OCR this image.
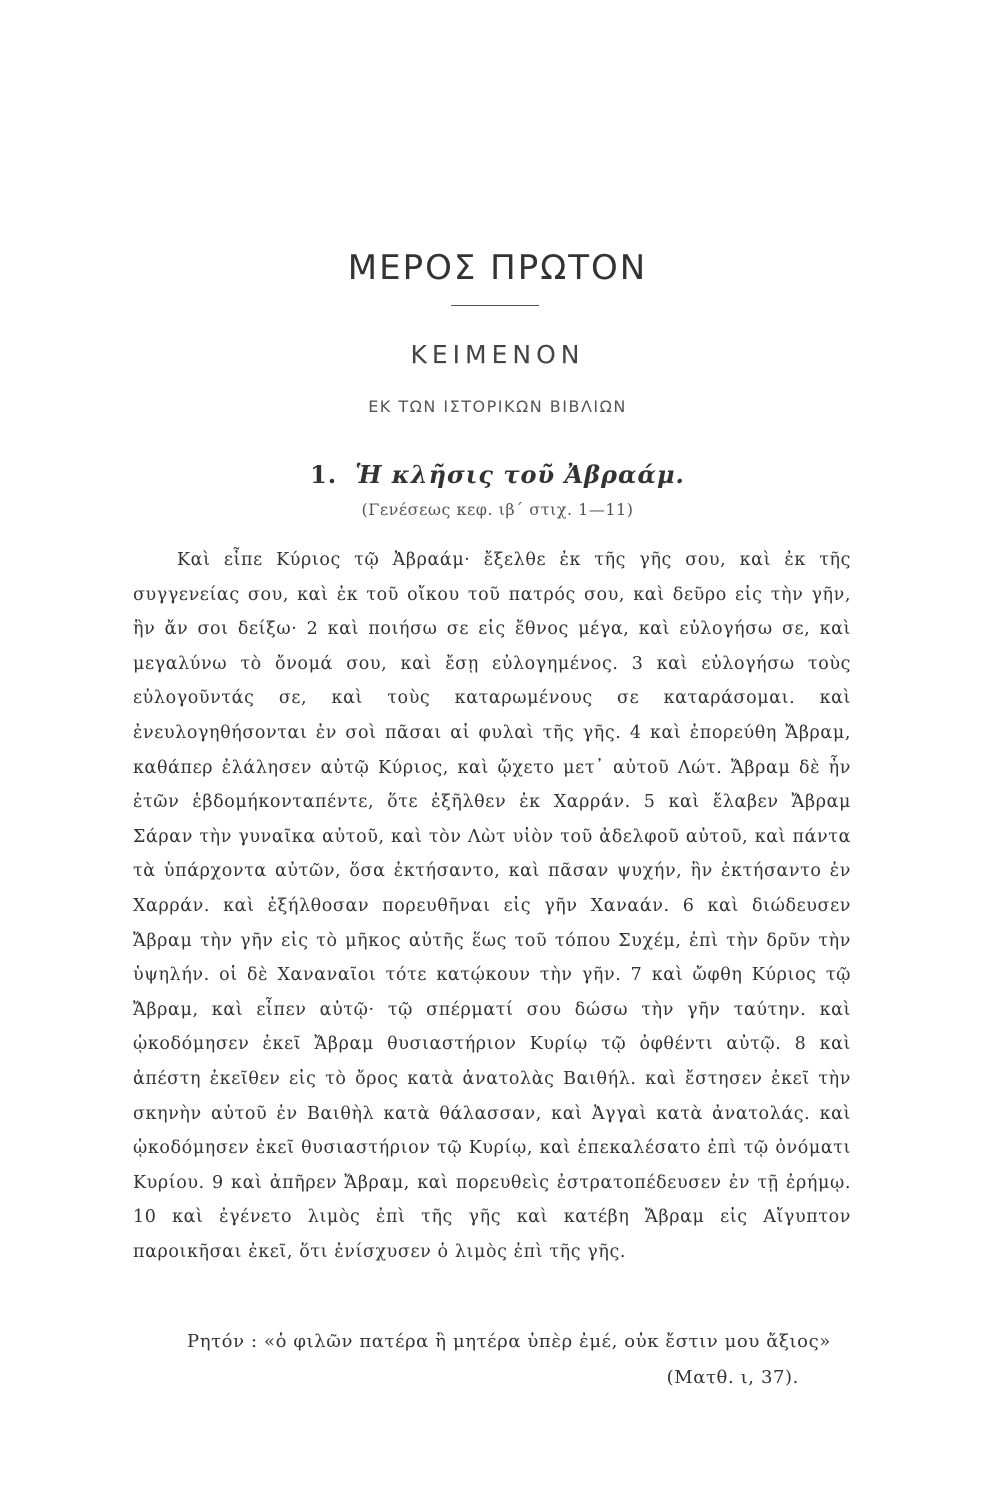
ΜΕΡΟΣ ΠΡΩΤΟΝ
ΚΕΙΜΕΝΟΝ
ΕΚ ΤΩΝ ΙΣΤΟΡΙΚΩΝ ΒΙΒΛΙΩΝ
1. Ἡ κλῆσις τοῦ Ἀβραάμ.
(Γενέσεως κεφ. ιβ΄ στιχ. 1—11)

Καὶ εἶπε Κύριος τῷ Ἀβραάμ· ἔξελθε ἐκ τῆς γῆς σου, καὶ ἐκ τῆς συγγενείας σου, καὶ ἐκ τοῦ οἴκου τοῦ πατρός σου, καὶ δεῦρο εἰς τὴν γῆν, ἣν ἄν σοι δείξω· 2 καὶ ποιήσω σε εἰς ἔθνος μέγα, καὶ εὐλογήσω σε, καὶ μεγαλύνω τὸ ὄνομά σου, καὶ ἔσῃ εὐλογημένος. 3 καὶ εὐλογήσω τοὺς εὐλογοῦντάς σε, καὶ τοὺς καταρωμένους σε καταράσομαι. καὶ ἐνευλογηθήσονται ἐν σοὶ πᾶσαι αἱ φυλαὶ τῆς γῆς. 4 καὶ ἐπορεύθη Ἄβραμ, καθάπερ ἐλάλησεν αὐτῷ Κύριος, καὶ ᾤχετο μετ᾿ αὐτοῦ Λώτ. Ἄβραμ δὲ ἦν ἐτῶν ἑβδομήκονταπέντε, ὅτε ἐξῆλθεν ἐκ Χαρράν. 5 καὶ ἔλαβεν Ἄβραμ Σάραν τὴν γυναῖκα αὐτοῦ, καὶ τὸν Λὼτ υἱὸν τοῦ ἀδελφοῦ αὐτοῦ, καὶ πάντα τὰ ὑπάρχοντα αὐτῶν, ὅσα ἐκτήσαντο, καὶ πᾶσαν ψυχήν, ἣν ἐκτήσαντο ἐν Χαρράν. καὶ ἐξήλθοσαν πορευθῆναι εἰς γῆν Χαναάν. 6 καὶ διώδευσεν Ἄβραμ τὴν γῆν εἰς τὸ μῆκος αὐτῆς ἕως τοῦ τόπου Συχέμ, ἐπὶ τὴν δρῦν τὴν ὑψηλήν. οἱ δὲ Χαναναῖοι τότε κατῴκουν τὴν γῆν. 7 καὶ ὤφθη Κύριος τῷ Ἄβραμ, καὶ εἶπεν αὐτῷ· τῷ σπέρματί σου δώσω τὴν γῆν ταύτην. καὶ ᾠκοδόμησεν ἐκεῖ Ἄβραμ θυσιαστήριον Κυρίῳ τῷ ὀφθέντι αὐτῷ. 8 καὶ ἀπέστη ἐκεῖθεν εἰς τὸ ὄρος κατὰ ἀνατολὰς Βαιθήλ. καὶ ἔστησεν ἐκεῖ τὴν σκηνὴν αὐτοῦ ἐν Βαιθὴλ κατὰ θάλασσαν, καὶ Ἀγγαὶ κατὰ ἀνατολάς. καὶ ᾠκοδόμησεν ἐκεῖ θυσιαστήριον τῷ Κυρίῳ, καὶ ἐπεκαλέσατο ἐπὶ τῷ ὀνόματι Κυρίου. 9 καὶ ἀπῆρεν Ἄβραμ, καὶ πορευθεὶς ἐστρατοπέδευσεν ἐν τῇ ἐρήμῳ. 10 καὶ ἐγένετο λιμὸς ἐπὶ τῆς γῆς καὶ κατέβη Ἄβραμ εἰς Αἴγυπτον παροικῆσαι ἐκεῖ, ὅτι ἐνίσχυσεν ὁ λιμὸς ἐπὶ τῆς γῆς.

Ρητόν : «ὁ φιλῶν πατέρα ἢ μητέρα ὑπὲρ ἐμέ, οὐκ ἔστιν μου ἄξιος»
(Ματθ. ι, 37).
